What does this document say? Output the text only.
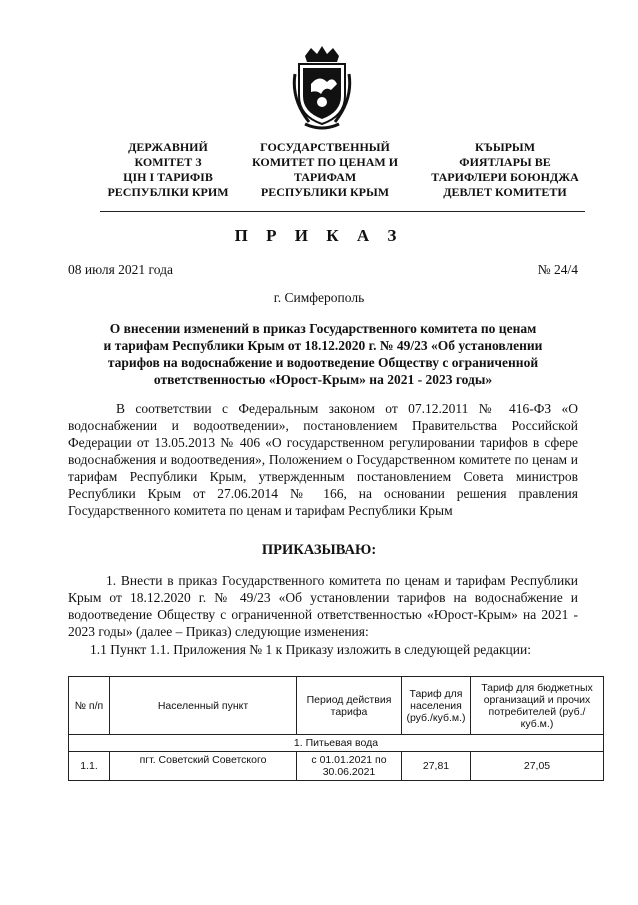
ДЕРЖАВНИЙ
КОМІТЕТ З
ЦІН І ТАРИФІВ
РЕСПУБЛІКИ КРИМ
ГОСУДАРСТВЕННЫЙ
КОМИТЕТ ПО ЦЕНАМ И
ТАРИФАМ
РЕСПУБЛИКИ КРЫМ
КЪЫРЫМ
ФИЯТЛАРЫ ВЕ
ТАРИФЛЕРИ БОЮНДЖА
ДЕВЛЕТ КОМИТЕТИ
П Р И К А З
08 июля 2021 года	№ 24/4
г. Симферополь
О внесении изменений в приказ Государственного комитета по ценам
и тарифам Республики Крым от 18.12.2020 г. № 49/23 «Об установлении
тарифов на водоснабжение и водоотведение Обществу с ограниченной
ответственностью «Юрост-Крым» на 2021 - 2023 годы»
В соответствии с Федеральным законом от 07.12.2011 № 416-ФЗ «О водоснабжении и водоотведении», постановлением Правительства Российской Федерации от 13.05.2013 № 406 «О государственном регулировании тарифов в сфере водоснабжения и водоотведения», Положением о Государственном комитете по ценам и тарифам Республики Крым, утвержденным постановлением Совета министров Республики Крым от 27.06.2014 № 166, на основании решения правления Государственного комитета по ценам и тарифам Республики Крым
ПРИКАЗЫВАЮ:
1. Внести в приказ Государственного комитета по ценам и тарифам Республики Крым от 18.12.2020 г. № 49/23 «Об установлении тарифов на водоснабжение и водоотведение Обществу с ограниченной ответственностью «Юрост-Крым» на 2021 - 2023 годы» (далее – Приказ) следующие изменения:
1.1 Пункт 1.1. Приложения № 1 к Приказу изложить в следующей редакции:
№ п/п	Населенный пункт	Период действия тарифа	Тариф для населения (руб./куб.м.)	Тариф для бюджетных организаций и прочих потребителей (руб./куб.м.)
1. Питьевая вода				
1.1.	пгт. Советский Советского	с 01.01.2021 по 30.06.2021	27,81	27,05
